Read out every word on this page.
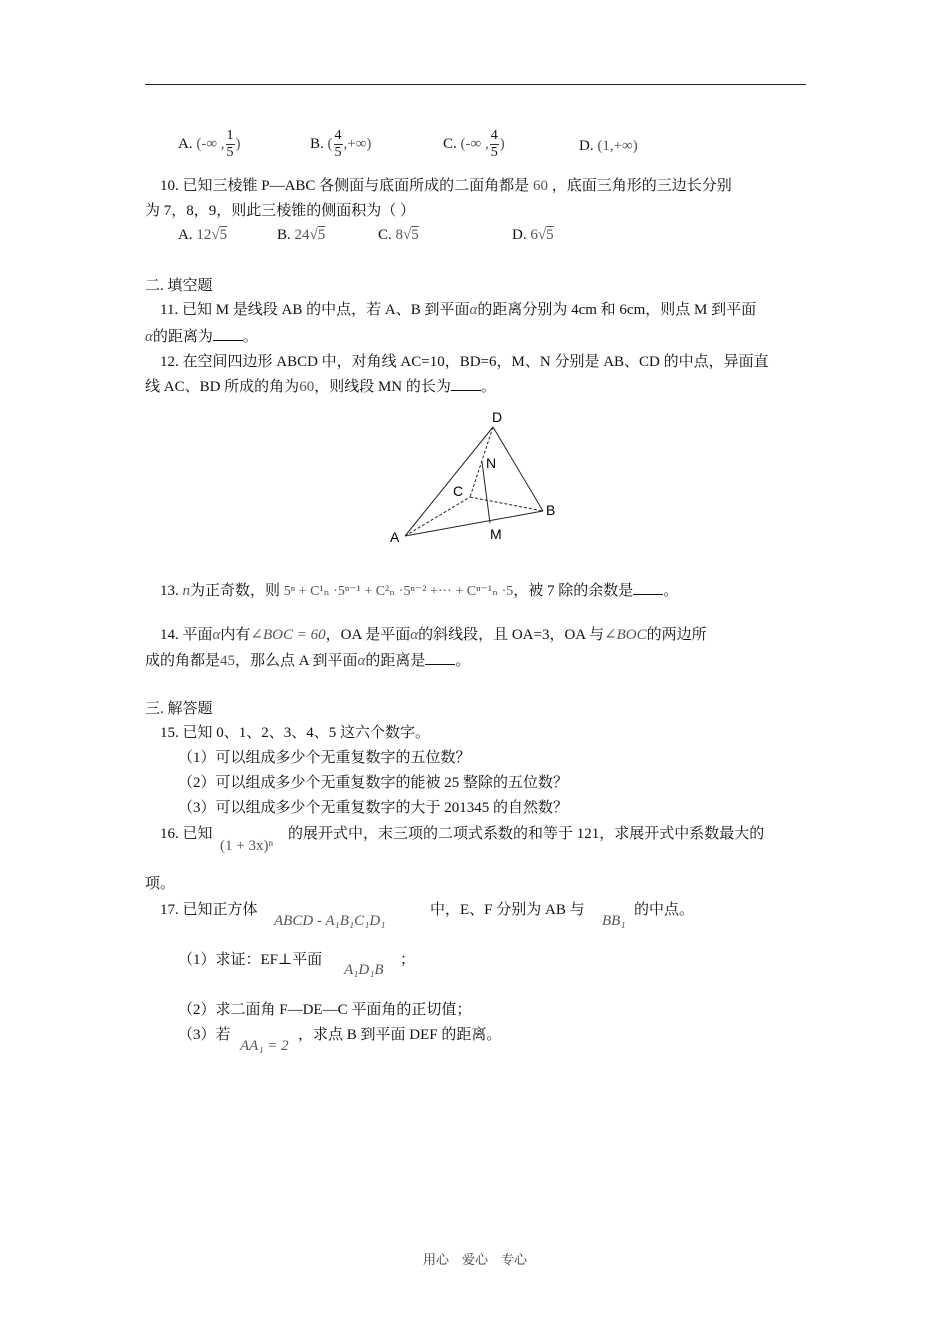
A. (-∞ , $\frac{1}{5}$ )	B. ( $\frac{4}{5}$ ,+∞)	C. (-∞ , $\frac{4}{5}$ )	D. (1,+∞)
10. 已知三棱锥 P—ABC 各侧面与底面所成的二面角都是 60 ，底面三角形的三边长分别
为 7，8，9，则此三棱锥的侧面积为（ ）
A. 12√5	B. 24√5	C. 8√5	D. 6√5
二. 填空题
11. 已知 M 是线段 AB 的中点，若 A、B 到平面α的距离分别为 4cm 和 6cm，则点 M 到平面
α的距离为 。
12. 在空间四边形 ABCD 中，对角线 AC=10，BD=6，M、N 分别是 AB、CD 的中点，异面直
线 AC、BD 所成的角为60，则线段 MN 的长为 。
D
N
C
B
A	M
13. n为正奇数，则 5ⁿ + C¹ₙ ·5ⁿ⁻¹ + C²ₙ ·5ⁿ⁻² +··· + Cⁿ⁻¹ₙ ·5，被 7 除的余数是 。
14. 平面α内有∠BOC = 60，OA 是平面α的斜线段，且 OA=3，OA 与∠BOC的两边所
成的角都是45，那么点 A 到平面α的距离是 。
三. 解答题
15. 已知 0、1、2、3、4、5 这六个数字。
（1）可以组成多少个无重复数字的五位数？
（2）可以组成多少个无重复数字的能被 25 整除的五位数？
（3）可以组成多少个无重复数字的大于 201345 的自然数？
16. 已知
(1 + 3x)ⁿ
的展开式中，末三项的二项式系数的和等于 121，求展开式中系数最大的
项。
17. 已知正方体
ABCD - A₁B₁C₁D₁
中，E、F 分别为 AB 与
BB₁
的中点。
（1）求证：EF⊥平面
A₁D₁B
；
（2）求二面角 F—DE—C 平面角的正切值；
（3）若
AA₁ = 2
，求点 B 到平面 DEF 的距离。
用心　爱心　专心
